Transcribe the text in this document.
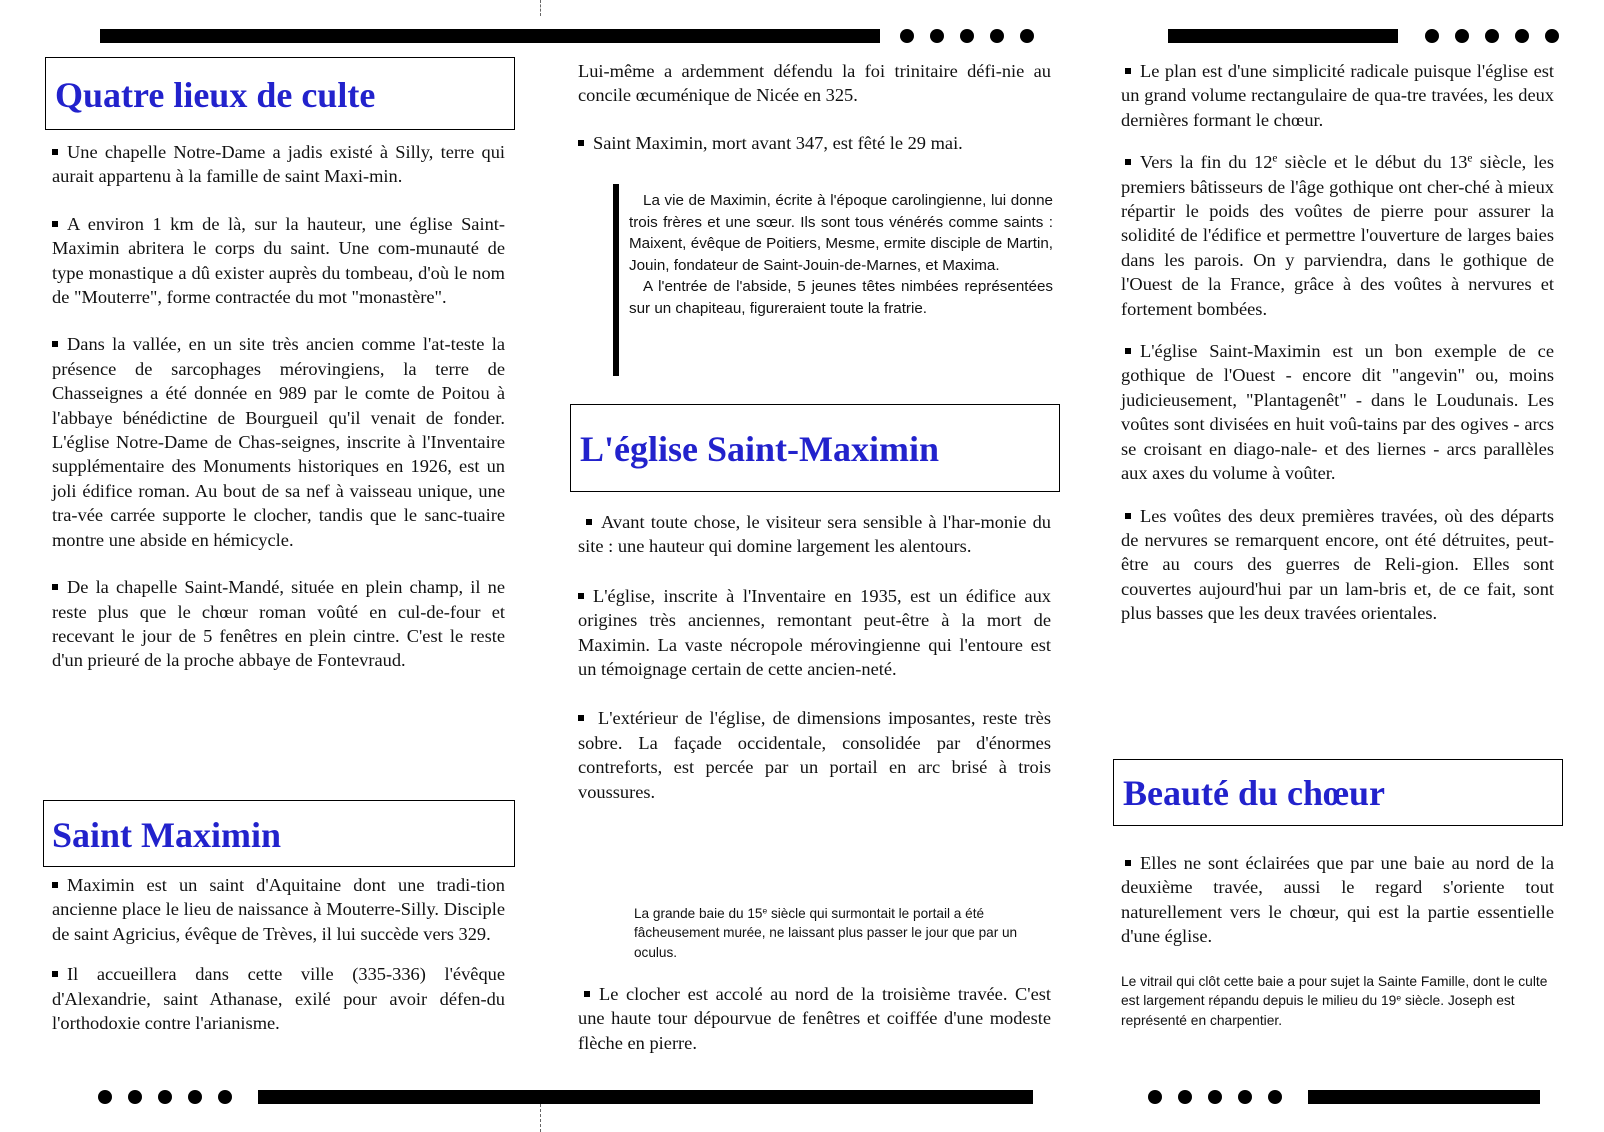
Quatre lieux de culte

Une chapelle Notre-Dame a jadis existé à Silly, terre qui aurait appartenu à la famille de saint Maxi-min.

A environ 1 km de là, sur la hauteur, une église Saint-Maximin abritera le corps du saint. Une com-munauté de type monastique a dû exister auprès du tombeau, d'où le nom de "Mouterre", forme contractée du mot "monastère".

Dans la vallée, en un site très ancien comme l'at-teste la présence de sarcophages mérovingiens, la terre de Chasseignes a été donnée en 989 par le comte de Poitou à l'abbaye bénédictine de Bourgueil qu'il venait de fonder. L'église Notre-Dame de Chas-seignes, inscrite à l'Inventaire supplémentaire des Monuments historiques en 1926, est un joli édifice roman. Au bout de sa nef à vaisseau unique, une tra-vée carrée supporte le clocher, tandis que le sanc-tuaire montre une abside en hémicycle.

De la chapelle Saint-Mandé, située en plein champ, il ne reste plus que le chœur roman voûté en cul-de-four et recevant le jour de 5 fenêtres en plein cintre. C'est le reste d'un prieuré de la proche abbaye de Fontevraud.

Saint Maximin

Maximin est un saint d'Aquitaine dont une tradi-tion ancienne place le lieu de naissance à Mouterre-Silly. Disciple de saint Agricius, évêque de Trèves, il lui succède vers 329.

Il accueillera dans cette ville (335-336) l'évêque d'Alexandrie, saint Athanase, exilé pour avoir défen-du l'orthodoxie contre l'arianisme.

Lui-même a ardemment défendu la foi trinitaire défi-nie au concile œcuménique de Nicée en 325.

Saint Maximin, mort avant 347, est fêté le 29 mai.

La vie de Maximin, écrite à l'époque carolingienne, lui donne trois frères et une sœur. Ils sont tous vénérés comme saints : Maixent, évêque de Poitiers, Mesme, ermite disciple de Martin, Jouin, fondateur de Saint-Jouin-de-Marnes, et Maxima.

A l'entrée de l'abside, 5 jeunes têtes nimbées représentées sur un chapiteau, figureraient toute la fratrie.

L'église Saint-Maximin

Avant toute chose, le visiteur sera sensible à l'har-monie du site : une hauteur qui domine largement les alentours.

L'église, inscrite à l'Inventaire en 1935, est un édifice aux origines très anciennes, remontant peut-être à la mort de Maximin. La vaste nécropole mérovingienne qui l'entoure est un témoignage certain de cette ancien-neté.

L'extérieur de l'église, de dimensions imposantes, reste très sobre. La façade occidentale, consolidée par d'énormes contreforts, est percée par un portail en arc brisé à trois voussures.

La grande baie du 15e siècle qui surmontait le portail a été fâcheusement murée, ne laissant plus passer le jour que par un oculus.

Le clocher est accolé au nord de la troisième travée. C'est une haute tour dépourvue de fenêtres et coiffée d'une modeste flèche en pierre.

Le plan est d'une simplicité radicale puisque l'église est un grand volume rectangulaire de qua-tre travées, les deux dernières formant le chœur.

Vers la fin du 12e siècle et le début du 13e siècle, les premiers bâtisseurs de l'âge gothique ont cher-ché à mieux répartir le poids des voûtes de pierre pour assurer la solidité de l'édifice et permettre l'ouverture de larges baies dans les parois. On y parviendra, dans le gothique de l'Ouest de la France, grâce à des voûtes à nervures et fortement bombées.

L'église Saint-Maximin est un bon exemple de ce gothique de l'Ouest - encore dit "angevin" ou, moins judicieusement, "Plantagenêt" - dans le Loudunais. Les voûtes sont divisées en huit voû-tains par des ogives - arcs se croisant en diago-nale- et des liernes - arcs parallèles aux axes du volume à voûter.

Les voûtes des deux premières travées, où des départs de nervures se remarquent encore, ont été détruites, peut-être au cours des guerres de Reli-gion. Elles sont couvertes aujourd'hui par un lam-bris et, de ce fait, sont plus basses que les deux travées orientales.

Beauté du chœur

Elles ne sont éclairées que par une baie au nord de la deuxième travée, aussi le regard s'oriente tout naturellement vers le chœur, qui est la partie essentielle d'une église.

Le vitrail qui clôt cette baie a pour sujet la Sainte Famille, dont le culte est largement répandu depuis le milieu du 19e siècle. Joseph est représenté en charpentier.
